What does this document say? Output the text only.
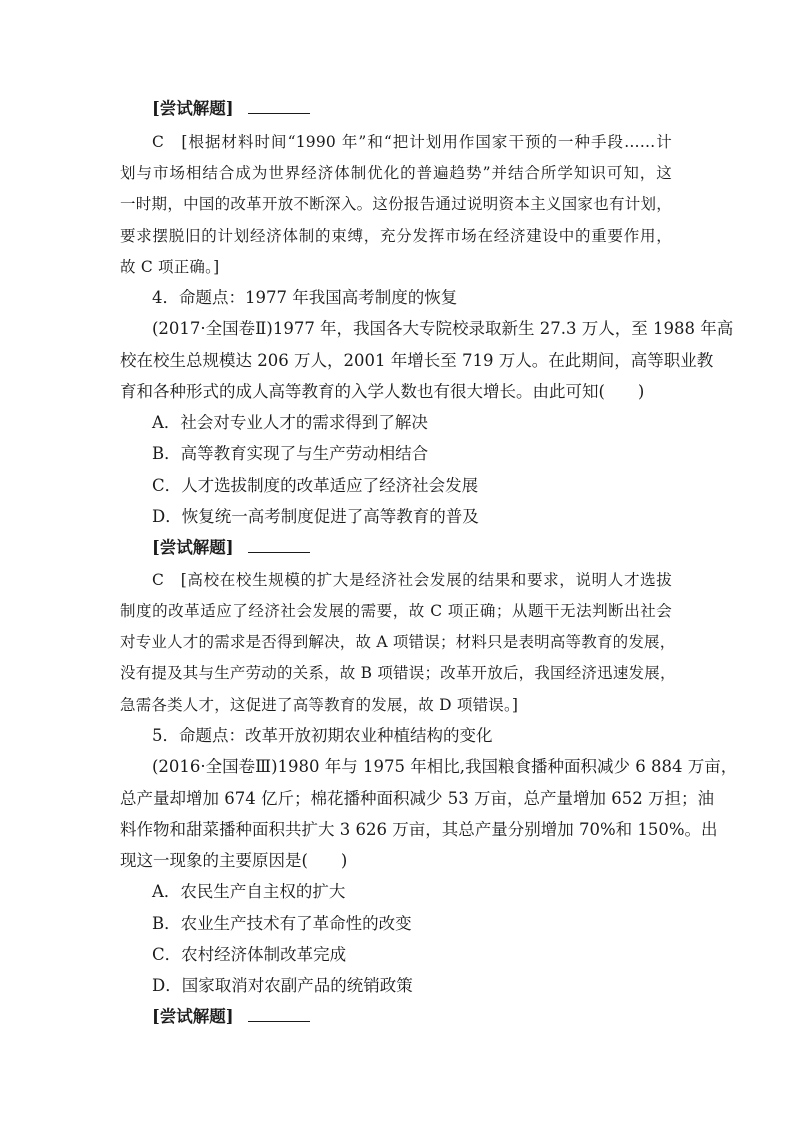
[尝试解题]
C　[根据材料时间“1990 年”和“把计划用作国家干预的一种手段……计
划与市场相结合成为世界经济体制优化的普遍趋势”并结合所学知识可知，这
一时期，中国的改革开放不断深入。这份报告通过说明资本主义国家也有计划，
要求摆脱旧的计划经济体制的束缚，充分发挥市场在经济建设中的重要作用，
故 C 项正确。]
4．命题点：1977 年我国高考制度的恢复
(2017·全国卷Ⅱ)1977 年，我国各大专院校录取新生 27.3 万人，至 1988 年高
校在校生总规模达 206 万人，2001 年增长至 719 万人。在此期间，高等职业教
育和各种形式的成人高等教育的入学人数也有很大增长。由此可知(　　)
A．社会对专业人才的需求得到了解决
B．高等教育实现了与生产劳动相结合
C．人才选拔制度的改革适应了经济社会发展
D．恢复统一高考制度促进了高等教育的普及
[尝试解题]
C　[高校在校生规模的扩大是经济社会发展的结果和要求，说明人才选拔
制度的改革适应了经济社会发展的需要，故 C 项正确；从题干无法判断出社会
对专业人才的需求是否得到解决，故 A 项错误；材料只是表明高等教育的发展，
没有提及其与生产劳动的关系，故 B 项错误；改革开放后，我国经济迅速发展，
急需各类人才，这促进了高等教育的发展，故 D 项错误。]
5．命题点：改革开放初期农业种植结构的变化
(2016·全国卷Ⅲ)1980 年与 1975 年相比,我国粮食播种面积减少 6 884 万亩，
总产量却增加 674 亿斤；棉花播种面积减少 53 万亩，总产量增加 652 万担；油
料作物和甜菜播种面积共扩大 3 626 万亩，其总产量分别增加 70%和 150%。出
现这一现象的主要原因是(　　)
A．农民生产自主权的扩大
B．农业生产技术有了革命性的改变
C．农村经济体制改革完成
D．国家取消对农副产品的统销政策
[尝试解题]
